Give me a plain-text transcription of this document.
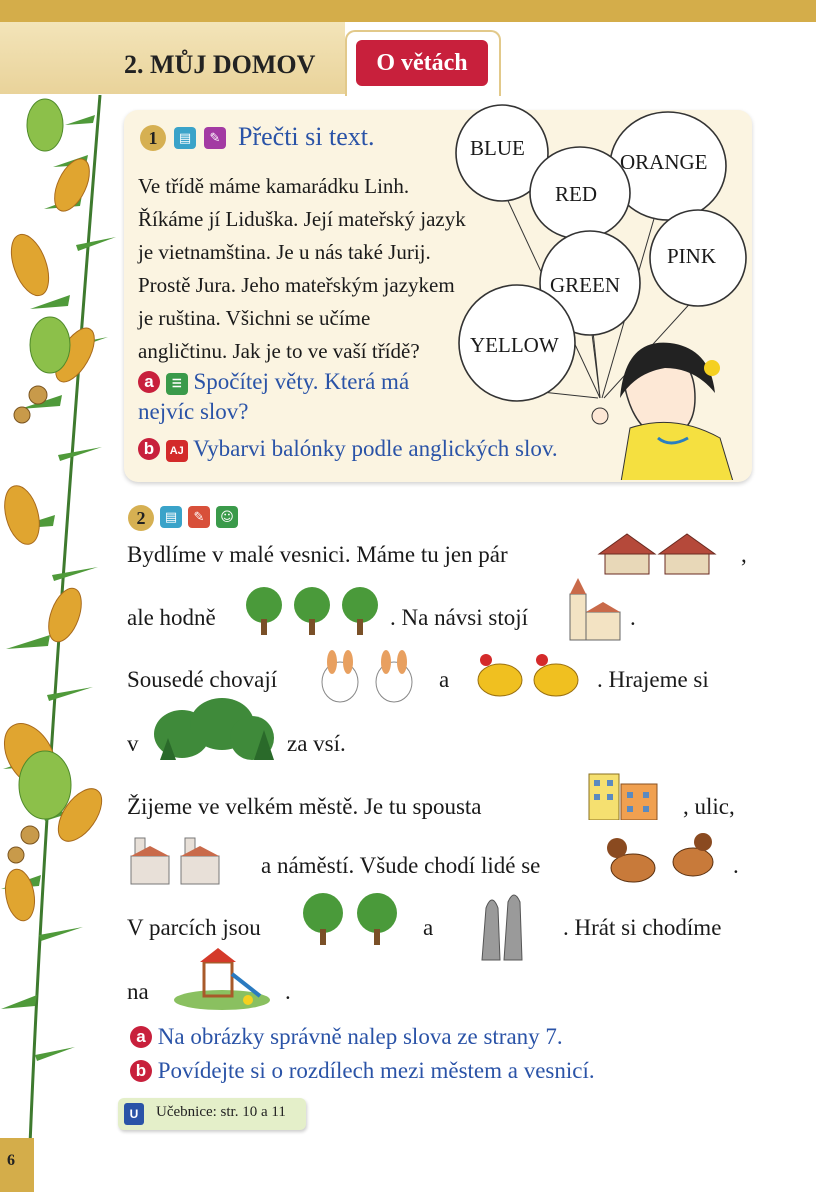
2. MŮJ DOMOV	O větách
1	▤	✎ Přečti si text.

Ve třídě máme kamarádku Linh.
Říkáme jí Liduška. Její mateřský jazyk
je vietnamština. Je u nás také Jurij.
Prostě Jura. Jeho mateřským jazykem
je ruština. Všichni se učíme
angličtinu. Jak je to ve vaší třídě?

BLUE
ORANGE
RED
PINK
GREEN
YELLOW
a ☰ Spočítej věty. Která má
nejvíc slov?
b AJ Vybarvi balónky podle anglických slov.
2	▤	✎	☺
Bydlíme v malé vesnici. Máme tu jen pár	,
ale hodně	. Na návsi stojí	.
Sousedé chovají	a	. Hrajeme si
v	za vsí.
Žijeme ve velkém městě. Je tu spousta	, ulic,
a náměstí. Všude chodí lidé se	.
V parcích jsou	a	. Hrát si chodíme
na	.
a Na obrázky správně nalep slova ze strany 7.
b Povídejte si o rozdílech mezi městem a vesnicí.
U	Učebnice: str. 10 a 11
6
